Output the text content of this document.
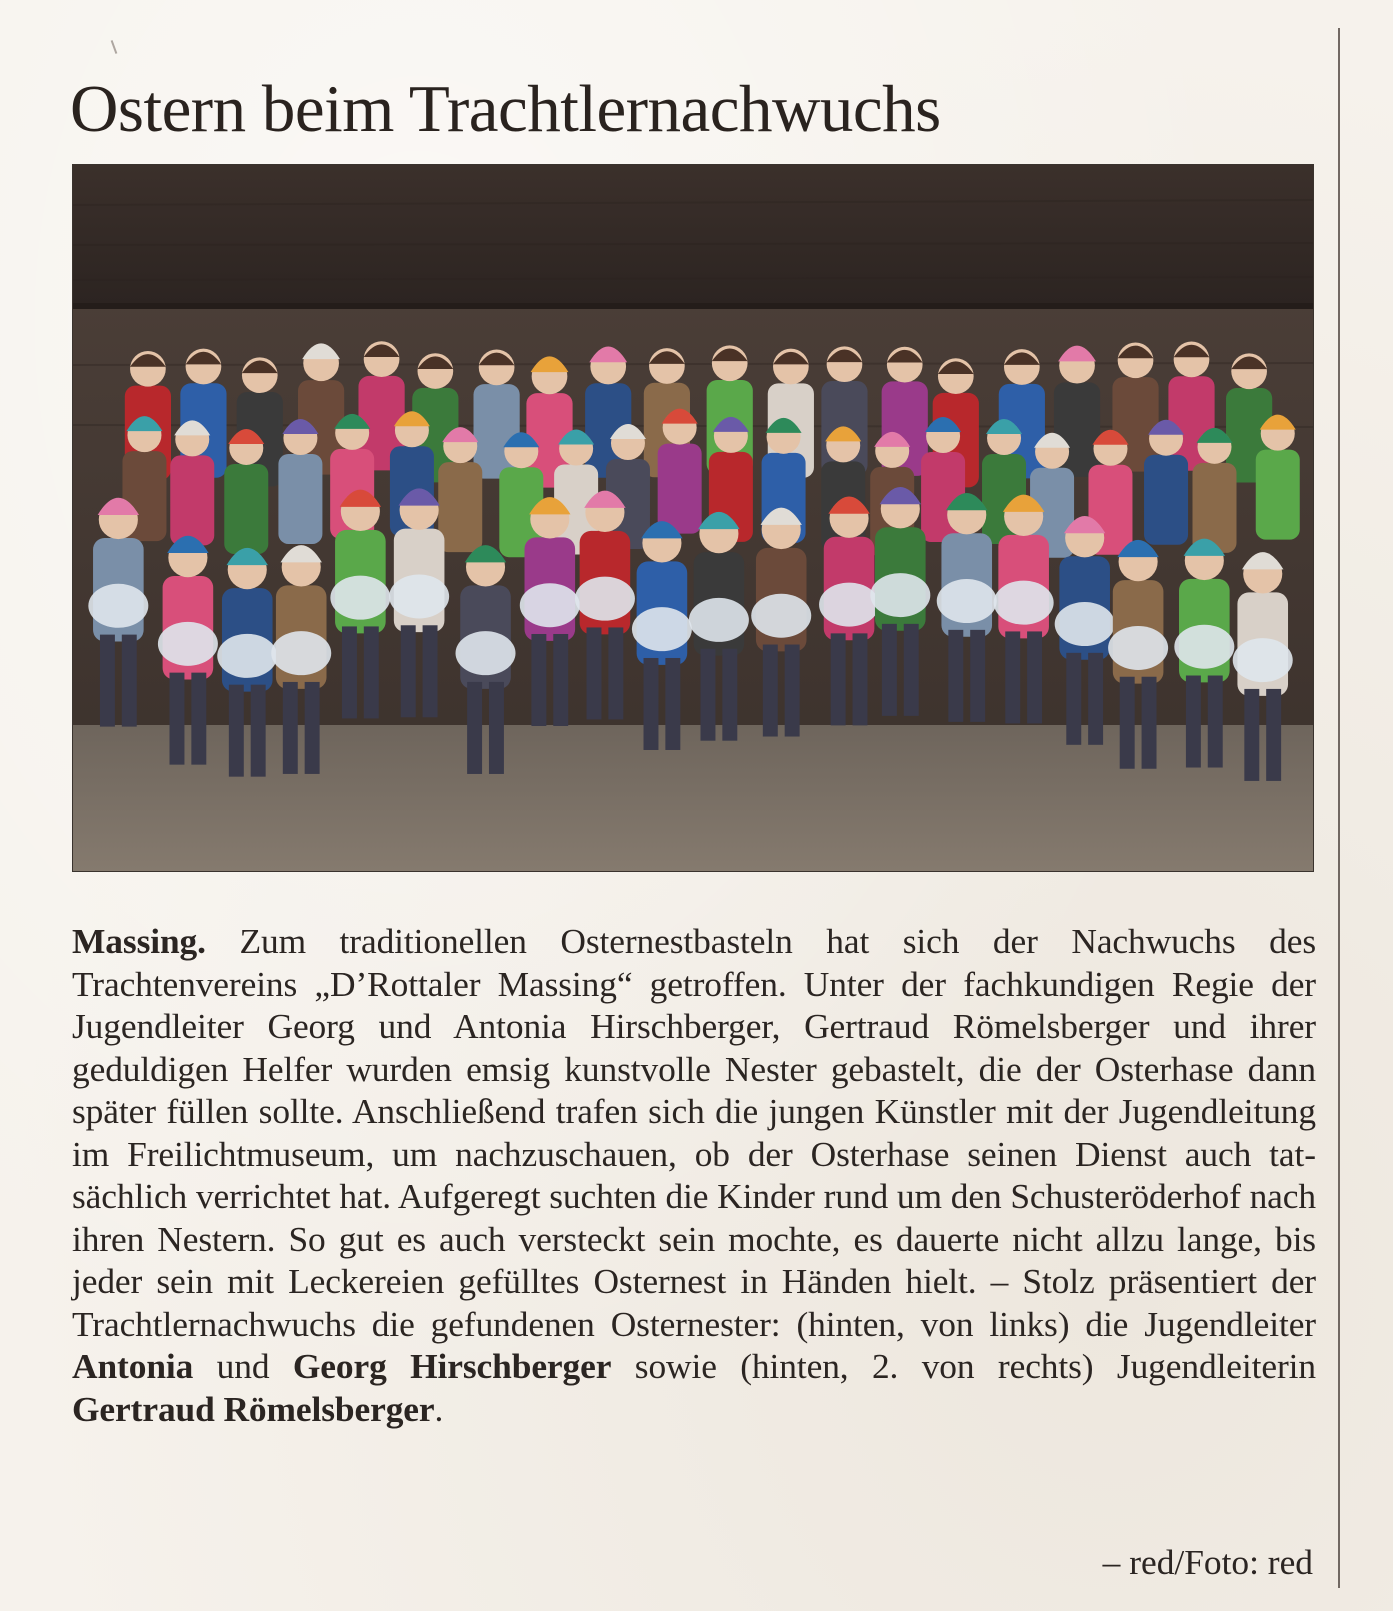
Ostern beim Trachtlernachwuchs
Massing. Zum traditionellen Osternestbasteln hat sich der Nachwuchs des Trachtenvereins „D’Rottaler Massing“ getroffen. Unter der fachkundigen Regie der Jugendleiter Georg und Antonia Hirschberger, Gertraud Römelsberger und ihrer geduldigen Helfer wurden emsig kunstvolle Nester gebastelt, die der Osterhase dann später füllen sollte. Anschließend trafen sich die jungen Künstler mit der Jugendleitung im Freilichtmuseum, um nachzuschauen, ob der Osterhase seinen Dienst auch tatsächlich verrichtet hat. Aufgeregt suchten die Kinder rund um den Schusteröderhof nach ihren Nestern. So gut es auch versteckt sein mochte, es dauerte nicht allzu lange, bis jeder sein mit Leckereien gefülltes Osternest in Händen hielt. – Stolz präsentiert der Trachtlernachwuchs die gefundenen Osternester: (hinten, von links) die Jugendleiter Antonia und Georg Hirschberger sowie (hinten, 2. von rechts) Jugendleiterin Gertraud Römelsberger.
– red/Foto: red
